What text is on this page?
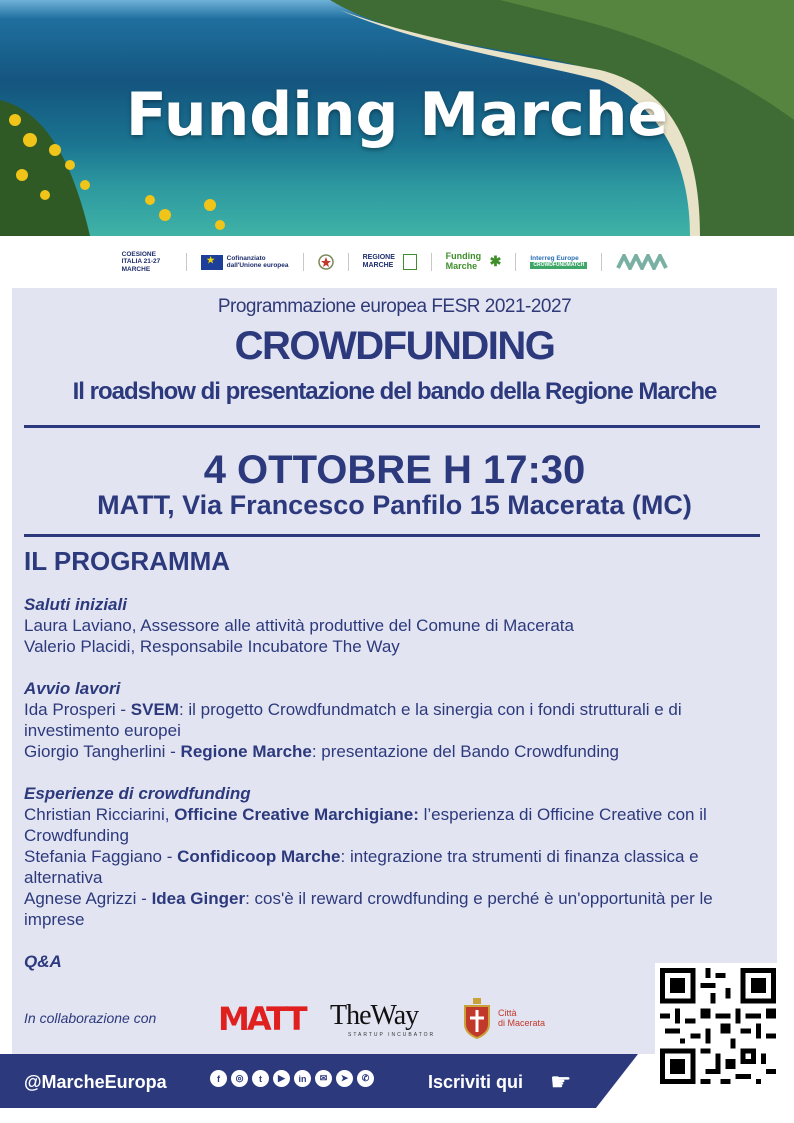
Funding Marche
COESIONE ITALIA 21-27 MARCHE
★
Cofinanziato dall'Unione europea
REGIONE MARCHE
Funding Marche ✱	Interreg Europe
CROWDFUNDMATCH
Programmazione europea FESR 2021-2027
CROWDFUNDING
Il roadshow di presentazione del bando della Regione Marche
4 OTTOBRE H 17:30
MATT, Via Francesco Panfilo 15 Macerata (MC)
IL PROGRAMMA

Saluti iniziali

Laura Laviano, Assessore alle attività produttive del Comune di Macerata

Valerio Placidi, Responsabile Incubatore The Way

Avvio lavori

Ida Prosperi - SVEM: il progetto Crowdfundmatch e la sinergia con i fondi strutturali e di investimento europei

Giorgio Tangherlini - Regione Marche: presentazione del Bando Crowdfunding

Esperienze di crowdfunding

Christian Ricciarini, Officine Creative Marchigiane: l’esperienza di Officine Creative con il Crowdfunding

Stefania Faggiano - Confidicoop Marche: integrazione tra strumenti di finanza classica e alternativa

Agnese Agrizzi - Idea Ginger: cos'è il reward crowdfunding e perché è un'opportunità per le imprese

Q&A

In collaborazione con MATT TheWay
STARTUP INCUBATOR
Città
di Macerata
@MarcheEuropa	f	◎	t	▶	in	✉	➤	✆	Iscriviti qui ☛
